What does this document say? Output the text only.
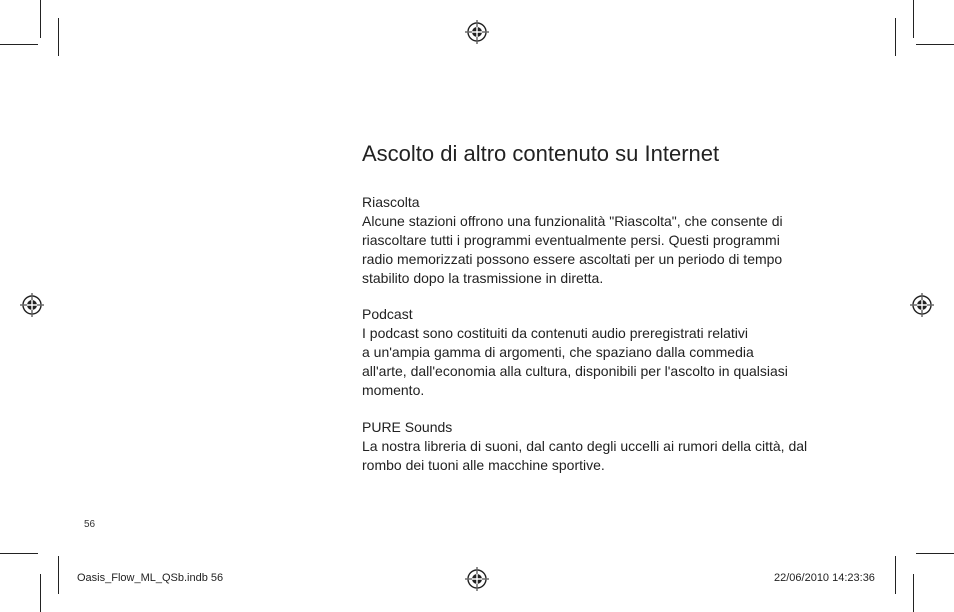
Ascolto di altro contenuto su Internet
Riascolta
Alcune stazioni offrono una funzionalità "Riascolta", che consente di
riascoltare tutti i programmi eventualmente persi. Questi programmi
radio memorizzati possono essere ascoltati per un periodo di tempo
stabilito dopo la trasmissione in diretta.
Podcast
I podcast sono costituiti da contenuti audio preregistrati relativi
a un'ampia gamma di argomenti, che spaziano dalla commedia
all'arte, dall'economia alla cultura, disponibili per l'ascolto in qualsiasi
momento.
PURE Sounds
La nostra libreria di suoni, dal canto degli uccelli ai rumori della città, dal
rombo dei tuoni alle macchine sportive.
56
Oasis_Flow_ML_QSb.indb 56	22/06/2010 14:23:36
